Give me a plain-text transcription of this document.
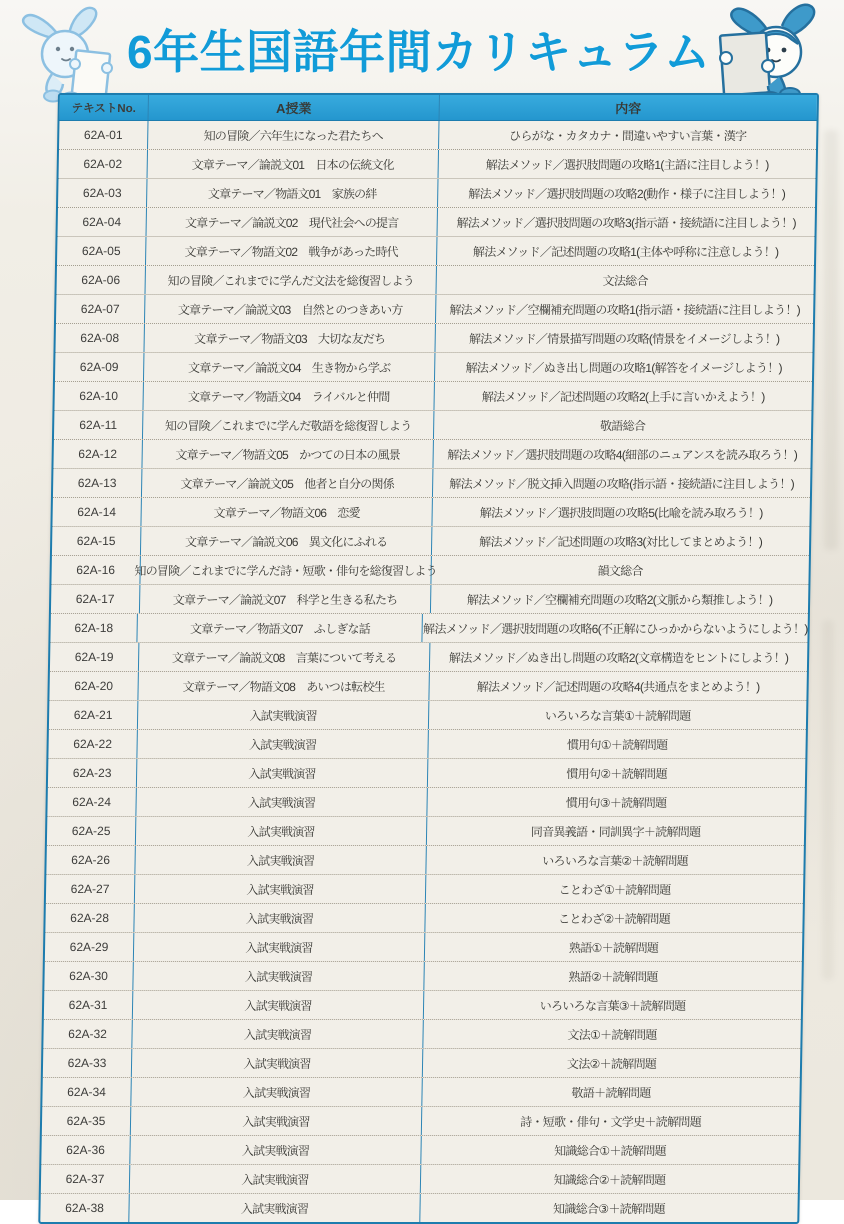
6年生国語年間カリキュラム
テキストNo.	A授業	内容
62A-01	知の冒険／六年生になった君たちへ	ひらがな・カタカナ・間違いやすい言葉・漢字
62A-02	文章テーマ／論説文01　日本の伝統文化	解法メソッド／選択肢問題の攻略1(主語に注目しよう！)
62A-03	文章テーマ／物語文01　家族の絆	解法メソッド／選択肢問題の攻略2(動作・様子に注目しよう！)
62A-04	文章テーマ／論説文02　現代社会への提言	解法メソッド／選択肢問題の攻略3(指示語・接続語に注目しよう！)
62A-05	文章テーマ／物語文02　戦争があった時代	解法メソッド／記述問題の攻略1(主体や呼称に注意しよう！)
62A-06	知の冒険／これまでに学んだ文法を総復習しよう	文法総合
62A-07	文章テーマ／論説文03　自然とのつきあい方	解法メソッド／空欄補充問題の攻略1(指示語・接続語に注目しよう！)
62A-08	文章テーマ／物語文03　大切な友だち	解法メソッド／情景描写問題の攻略(情景をイメージしよう！)
62A-09	文章テーマ／論説文04　生き物から学ぶ	解法メソッド／ぬき出し問題の攻略1(解答をイメージしよう！)
62A-10	文章テーマ／物語文04　ライバルと仲間	解法メソッド／記述問題の攻略2(上手に言いかえよう！)
62A-11	知の冒険／これまでに学んだ敬語を総復習しよう	敬語総合
62A-12	文章テーマ／物語文05　かつての日本の風景	解法メソッド／選択肢問題の攻略4(細部のニュアンスを読み取ろう！)
62A-13	文章テーマ／論説文05　他者と自分の関係	解法メソッド／脱文挿入問題の攻略(指示語・接続語に注目しよう！)
62A-14	文章テーマ／物語文06　恋愛	解法メソッド／選択肢問題の攻略5(比喩を読み取ろう！)
62A-15	文章テーマ／論説文06　異文化にふれる	解法メソッド／記述問題の攻略3(対比してまとめよう！)
62A-16	知の冒険／これまでに学んだ詩・短歌・俳句を総復習しよう	韻文総合
62A-17	文章テーマ／論説文07　科学と生きる私たち	解法メソッド／空欄補充問題の攻略2(文脈から類推しよう！)
62A-18	文章テーマ／物語文07　ふしぎな話	解法メソッド／選択肢問題の攻略6(不正解にひっかからないようにしよう！)
62A-19	文章テーマ／論説文08　言葉について考える	解法メソッド／ぬき出し問題の攻略2(文章構造をヒントにしよう！)
62A-20	文章テーマ／物語文08　あいつは転校生	解法メソッド／記述問題の攻略4(共通点をまとめよう！)
62A-21	入試実戦演習	いろいろな言葉①＋読解問題
62A-22	入試実戦演習	慣用句①＋読解問題
62A-23	入試実戦演習	慣用句②＋読解問題
62A-24	入試実戦演習	慣用句③＋読解問題
62A-25	入試実戦演習	同音異義語・同訓異字＋読解問題
62A-26	入試実戦演習	いろいろな言葉②＋読解問題
62A-27	入試実戦演習	ことわざ①＋読解問題
62A-28	入試実戦演習	ことわざ②＋読解問題
62A-29	入試実戦演習	熟語①＋読解問題
62A-30	入試実戦演習	熟語②＋読解問題
62A-31	入試実戦演習	いろいろな言葉③＋読解問題
62A-32	入試実戦演習	文法①＋読解問題
62A-33	入試実戦演習	文法②＋読解問題
62A-34	入試実戦演習	敬語＋読解問題
62A-35	入試実戦演習	詩・短歌・俳句・文学史＋読解問題
62A-36	入試実戦演習	知識総合①＋読解問題
62A-37	入試実戦演習	知識総合②＋読解問題
62A-38	入試実戦演習	知識総合③＋読解問題
